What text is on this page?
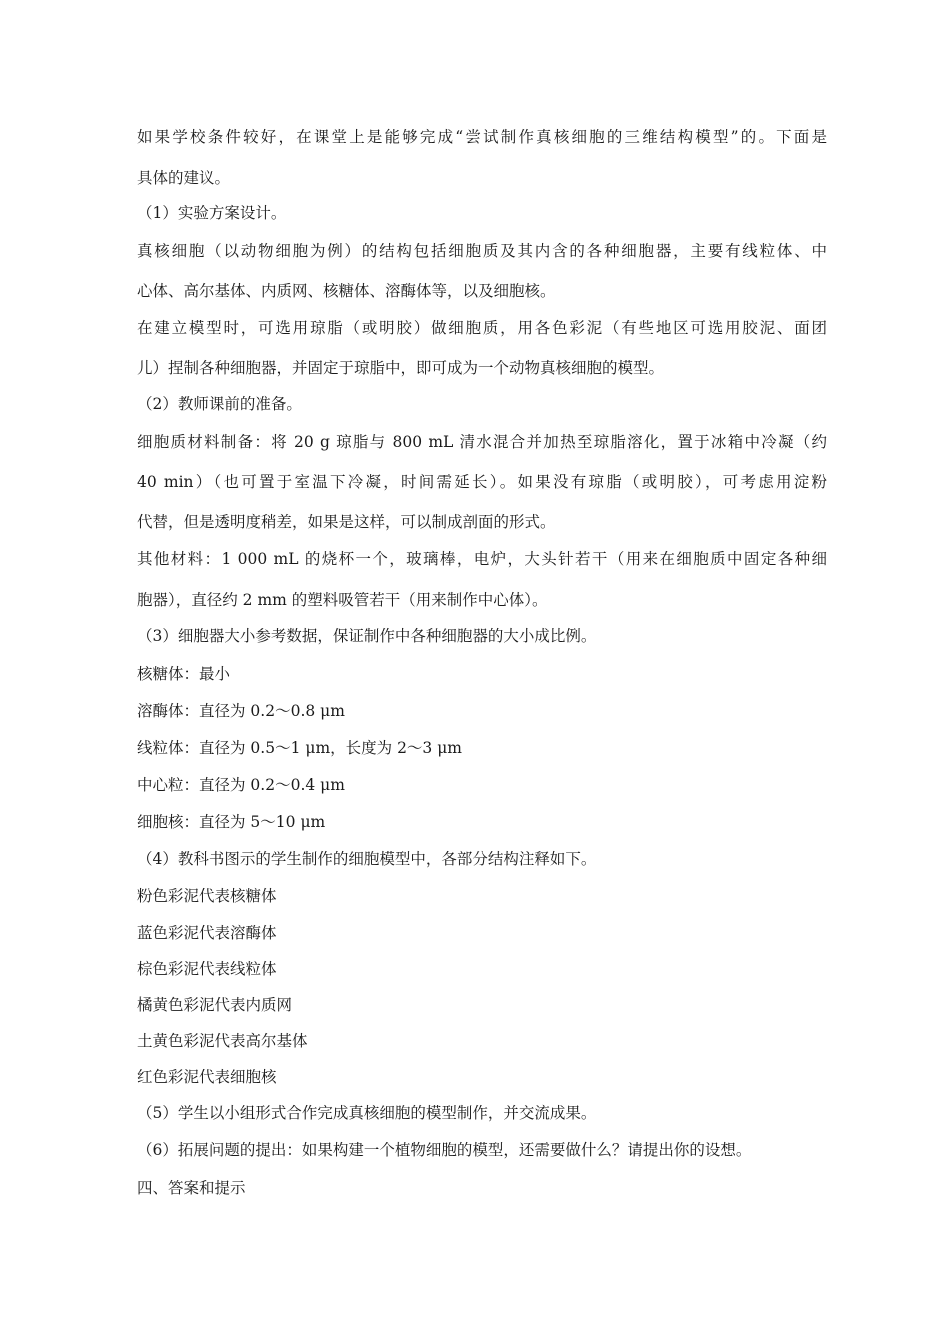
如果学校条件较好，在课堂上是能够完成“尝试制作真核细胞的三维结构模型”的。下面是
具体的建议。
（1）实验方案设计。
真核细胞（以动物细胞为例）的结构包括细胞质及其内含的各种细胞器，主要有线粒体、中
心体、高尔基体、内质网、核糖体、溶酶体等，以及细胞核。
在建立模型时，可选用琼脂（或明胶）做细胞质，用各色彩泥（有些地区可选用胶泥、面团
儿）捏制各种细胞器，并固定于琼脂中，即可成为一个动物真核细胞的模型。
（2）教师课前的准备。
细胞质材料制备：将 20 g 琼脂与 800 mL 清水混合并加热至琼脂溶化，置于冰箱中冷凝（约
40 min）（也可置于室温下冷凝，时间需延长）。如果没有琼脂（或明胶），可考虑用淀粉
代替，但是透明度稍差，如果是这样，可以制成剖面的形式。
其他材料：1 000 mL 的烧杯一个，玻璃棒，电炉，大头针若干（用来在细胞质中固定各种细
胞器），直径约 2 mm 的塑料吸管若干（用来制作中心体）。
（3）细胞器大小参考数据，保证制作中各种细胞器的大小成比例。
核糖体：最小
溶酶体：直径为 0.2～0.8 μm
线粒体：直径为 0.5～1 μm，长度为 2～3 μm
中心粒：直径为 0.2～0.4 μm
细胞核：直径为 5～10 μm
（4）教科书图示的学生制作的细胞模型中，各部分结构注释如下。
粉色彩泥代表核糖体
蓝色彩泥代表溶酶体
棕色彩泥代表线粒体
橘黄色彩泥代表内质网
土黄色彩泥代表高尔基体
红色彩泥代表细胞核
（5）学生以小组形式合作完成真核细胞的模型制作，并交流成果。
（6）拓展问题的提出：如果构建一个植物细胞的模型，还需要做什么？请提出你的设想。
四、答案和提示
